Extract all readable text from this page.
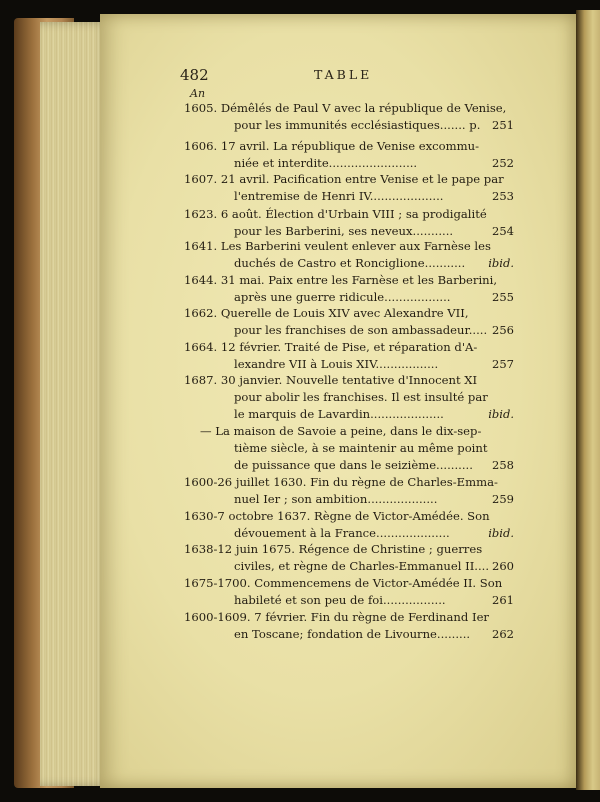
482	TABLE
An
1605. Démêlés de Paul V avec la république de Venise,
pour les immunités ecclésiastiques....... p.	251
1606. 17 avril. La république de Venise excommu-
niée et interdite........................	252
1607. 21 avril. Pacification entre Venise et le pape par
l'entremise de Henri IV....................	253
1623. 6 août. Élection d'Urbain VIII ; sa prodigalité
pour les Barberini, ses neveux...........	254
1641. Les Barberini veulent enlever aux Farnèse les
duchés de Castro et Ronciglione...........	ibid.
1644. 31 mai. Paix entre les Farnèse et les Barberini,
après une guerre ridicule..................	255
1662. Querelle de Louis XIV avec Alexandre VII,
pour les franchises de son ambassadeur..... 256
1664. 12 février. Traité de Pise, et réparation d'A-
lexandre VII à Louis XIV.................	257
1687. 30 janvier. Nouvelle tentative d'Innocent XI
pour abolir les franchises. Il est insulté par
le marquis de Lavardin....................	ibid.
— La maison de Savoie a peine, dans le dix-sep-
tième siècle, à se maintenir au même point
de puissance que dans le seizième..........	258
1600-26 juillet 1630. Fin du règne de Charles-Emma-
nuel Ier ; son ambition...................	259
1630-7 octobre 1637. Règne de Victor-Amédée. Son
dévouement à la France....................	ibid.
1638-12 juin 1675. Régence de Christine ; guerres
civiles, et règne de Charles-Emmanuel II.... 260
1675-1700. Commencemens de Victor-Amédée II. Son
habileté et son peu de foi.................	261
1600-1609. 7 février. Fin du règne de Ferdinand Ier
en Toscane; fondation de Livourne.........	262
